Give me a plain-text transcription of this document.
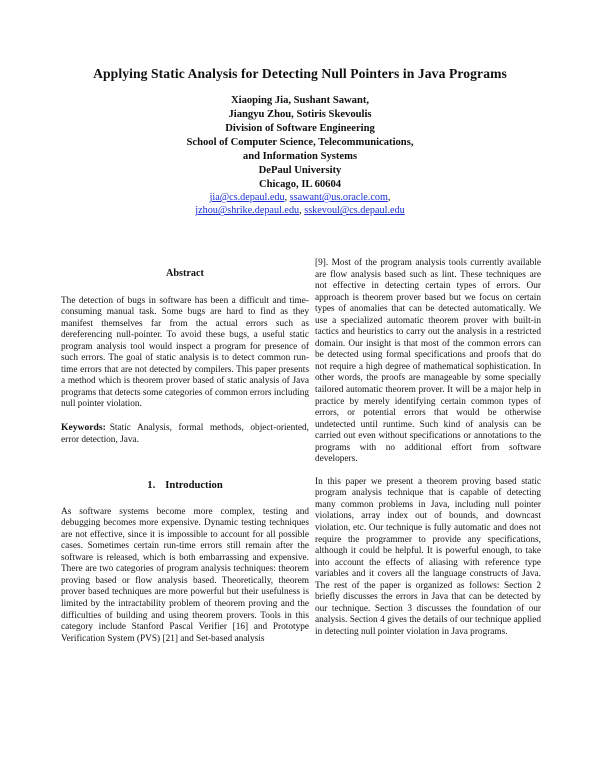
Applying Static Analysis for Detecting Null Pointers in Java Programs
Xiaoping Jia, Sushant Sawant,
Jiangyu Zhou, Sotiris Skevoulis
Division of Software Engineering
School of Computer Science, Telecommunications,
and Information Systems
DePaul University
Chicago, IL 60604
jia@cs.depaul.edu, ssawant@us.oracle.com,
jzhou@shrike.depaul.edu, sskevoul@cs.depaul.edu
Abstract

The detection of bugs in software has been a difficult and time-consuming manual task. Some bugs are hard to find as they manifest themselves far from the actual errors such as dereferencing null-pointer. To avoid these bugs, a useful static program analysis tool would inspect a program for presence of such errors. The goal of static analysis is to detect common run-time errors that are not detected by compilers. This paper presents a method which is theorem prover based of static analysis of Java programs that detects some categories of common errors including null pointer violation.

Keywords: Static Analysis, formal methods, object-oriented, error detection, Java.

1. Introduction

As software systems become more complex, testing and debugging becomes more expensive. Dynamic testing techniques are not effective, since it is impossible to account for all possible cases. Sometimes certain run-time errors still remain after the software is released, which is both embarrassing and expensive. There are two categories of program analysis techniques: theorem proving based or flow analysis based. Theoretically, theorem prover based techniques are more powerful but their usefulness is limited by the intractability problem of theorem proving and the difficulties of building and using theorem provers. Tools in this category include Stanford Pascal Verifier [16] and Prototype Verification System (PVS) [21] and Set-based analysis

[9]. Most of the program analysis tools currently available are flow analysis based such as lint. These techniques are not effective in detecting certain types of errors. Our approach is theorem prover based but we focus on certain types of anomalies that can be detected automatically. We use a specialized automatic theorem prover with built-in tactics and heuristics to carry out the analysis in a restricted domain. Our insight is that most of the common errors can be detected using formal specifications and proofs that do not require a high degree of mathematical sophistication. In other words, the proofs are manageable by some specially tailored automatic theorem prover. It will be a major help in practice by merely identifying certain common types of errors, or potential errors that would be otherwise undetected until runtime. Such kind of analysis can be carried out even without specifications or annotations to the programs with no additional effort from software developers.

In this paper we present a theorem proving based static program analysis technique that is capable of detecting many common problems in Java, including null pointer violations, array index out of bounds, and downcast violation, etc. Our technique is fully automatic and does not require the programmer to provide any specifications, although it could be helpful. It is powerful enough, to take into account the effects of aliasing with reference type variables and it covers all the language constructs of Java. The rest of the paper is organized as follows: Section 2 briefly discusses the errors in Java that can be detected by our technique. Section 3 discusses the foundation of our analysis. Section 4 gives the details of our technique applied in detecting null pointer violation in Java programs.
